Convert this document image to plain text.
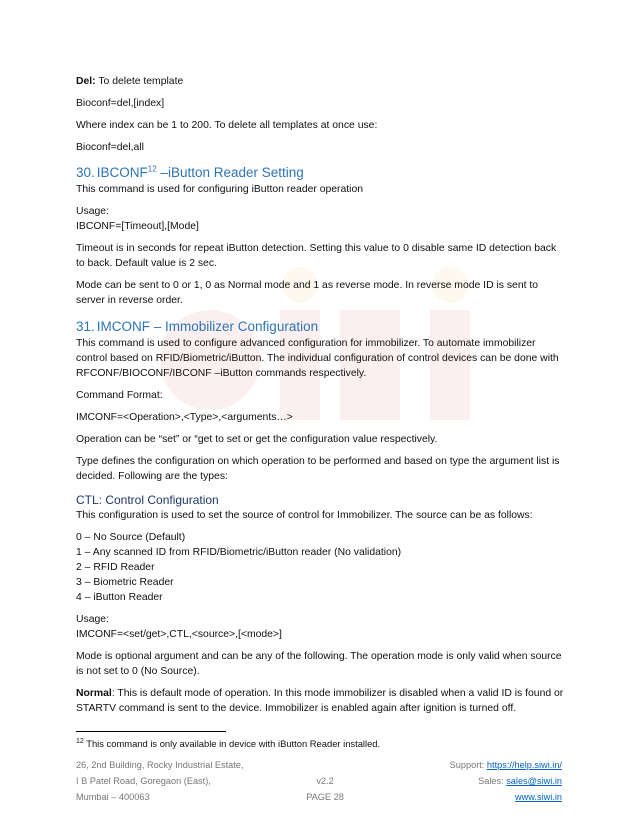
Del: To delete template

Bioconf=del,[index]

Where index can be 1 to 200. To delete all templates at once use:

Bioconf=del,all

30. IBCONF$^{12}$ –iButton Reader Setting

This command is used for configuring iButton reader operation

Usage:

IBCONF=[Timeout],[Mode]

Timeout is in seconds for repeat iButton detection. Setting this value to 0 disable same ID detection back to back. Default value is 2 sec.

Mode can be sent to 0 or 1, 0 as Normal mode and 1 as reverse mode. In reverse mode ID is sent to server in reverse order.

31. IMCONF – Immobilizer Configuration

This command is used to configure advanced configuration for immobilizer. To automate immobilizer control based on RFID/Biometric/iButton. The individual configuration of control devices can be done with RFCONF/BIOCONF/IBCONF –iButton commands respectively.

Command Format:

IMCONF=<Operation>,<Type>,<arguments…>

Operation can be “set” or “get to set or get the configuration value respectively.

Type defines the configuration on which operation to be performed and based on type the argument list is decided. Following are the types:

CTL: Control Configuration

This configuration is used to set the source of control for Immobilizer. The source can be as follows:

0 – No Source (Default)

1 – Any scanned ID from RFID/Biometric/iButton reader (No validation)

2 – RFID Reader

3 – Biometric Reader

4 – iButton Reader

Usage:

IMCONF=<set/get>,CTL,<source>,[<mode>]

Mode is optional argument and can be any of the following. The operation mode is only valid when source is not set to 0 (No Source).

Normal: This is default mode of operation. In this mode immobilizer is disabled when a valid ID is found or STARTV command is sent to the device. Immobilizer is enabled again after ignition is turned off.

$^{12}$ This command is only available in device with iButton Reader installed.
26, 2nd Building, Rocky Industrial Estate,
I B Patel Road, Goregaon (East),
Mumbai – 400063
v2.2
PAGE 28
Support: https://help.siwi.in/
Sales: sales@siwi.in
www.siwi.in
